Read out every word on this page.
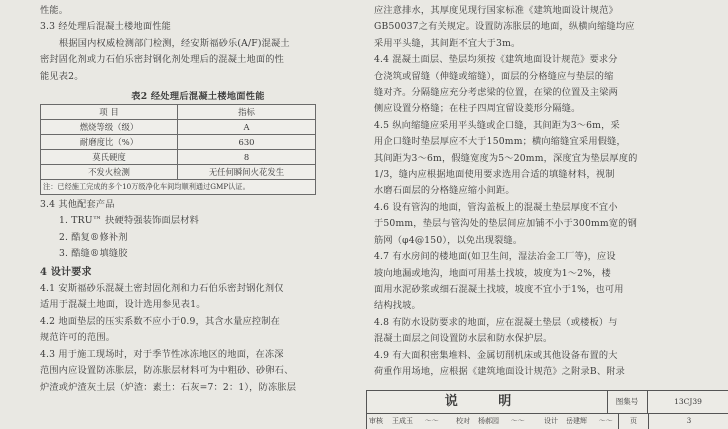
性能。

3.3 经处理后混凝土楼地面性能

根据国内权威检测部门检测，经安斯福砂乐(A/F)混凝土

密封固化剂或力石伯乐密封钢化剂处理后的混凝土地面的性

能见表2。

表2 经处理后混凝土楼地面性能
项 目	指标
燃烧等级（级）	A
耐磨度比（%）	630
莫氏硬度	8
不发火检测	无任何瞬间火花发生
注：已经施工完成的多个10万级净化车间均顺利通过GMP认证。	

3.4 其他配套产品

1. TRU™ 抉硬特强装饰面层材料

2. 酷复®修补剂

3. 酷缝®填缝胶

4 设计要求

4.1 安斯福砂乐混凝土密封固化剂和力石伯乐密封钢化剂仅

适用于混凝土地面，设计选用参见表1。

4.2 地面垫层的压实系数不应小于0.9，其含水量应控制在

规范许可的范围。

4.3 用于施工现场时，对于季节性冰冻地区的地面，在冻深

范围内应设置防冻胀层，防冻胀层材料可为中粗砂、砂卵石、

炉渣或炉渣灰土层（炉渣：素土：石灰=7：2：1），防冻胀层

应注意排水，其厚度见现行国家标准《建筑地面设计规范》

GB50037之有关规定。设置防冻胀层的地面，纵横向缩缝均应

采用平头缝，其间距不宜大于3m。

4.4 混凝土面层、垫层均须按《建筑地面设计规范》要求分

仓浇筑或留缝（伸缝或缩缝），面层的分格缝应与垫层的缩

缝对齐。分隔缝应充分考虑梁的位置，在梁的位置及主梁两

侧应设置分格缝；在柱子四周宜留设菱形分隔缝。

4.5 纵向缩缝应采用平头缝或企口缝，其间距为3～6m，采

用企口缝时垫层厚应不大于150mm；横向缩缝宜采用假缝，

其间距为3～6m，假缝宽度为5～20mm，深度宜为垫层厚度的

1/3，缝内应根据地面使用要求选用合适的填缝材料，视制

水磨石面层的分格缝应缩小间距。

4.6 设有管沟的地面，管沟盖板上的混凝土垫层厚度不宜小

于50mm，垫层与管沟处的垫层间应加铺不小于300mm宽的钢

筋网（φ4@150），以免出现裂缝。

4.7 有水房间的楼地面(如卫生间，湿法冶金工厂等)，应设

坡向地漏或地沟，地面可用基土找坡，坡度为1～2%，楼

面用水泥砂浆或细石混凝土找坡，坡度不宜小于1%，也可用

结构找坡。

4.8 有防水设防要求的地面，应在混凝土垫层（或楼板）与

混凝土面层之间设置防水层和防水保护层。

4.9 有大面积密集堆料、金属切削机床或其他设备布置的大

荷重作用场地，应根据《建筑地面设计规范》之附录B、附录

说 明	图集号	13CJ39
审核 王成玉 〜〜	校对 杨郝园 〜〜	设计 岳建辉 〜〜	页	3
